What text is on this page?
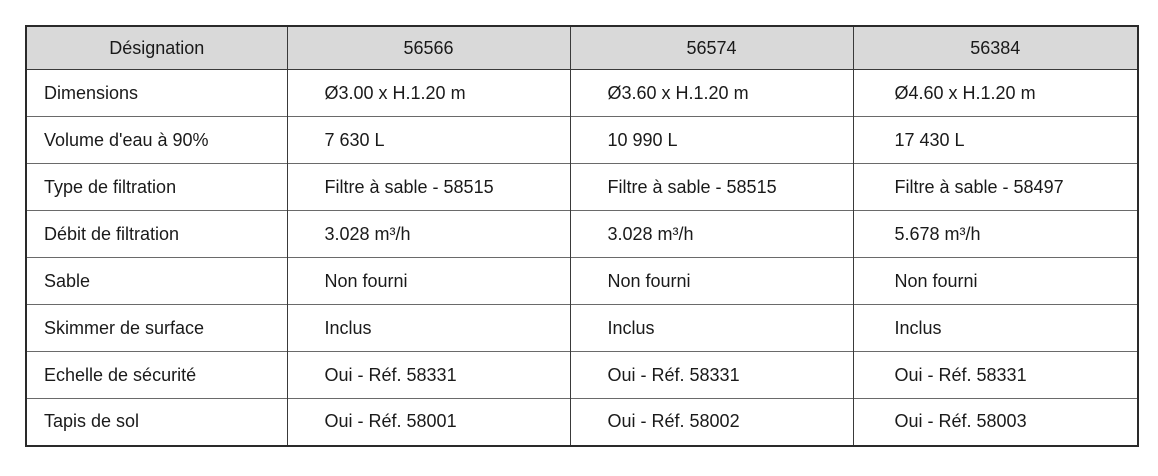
Désignation	56566	56574	56384
Dimensions	Ø3.00 x H.1.20 m	Ø3.60 x H.1.20 m	Ø4.60 x H.1.20 m
Volume d'eau à 90%	7 630 L	10 990 L	17 430 L
Type de filtration	Filtre à sable - 58515	Filtre à sable - 58515	Filtre à sable - 58497
Débit de filtration	3.028 m³/h	3.028 m³/h	5.678 m³/h
Sable	Non fourni	Non fourni	Non fourni
Skimmer de surface	Inclus	Inclus	Inclus
Echelle de sécurité	Oui - Réf. 58331	Oui - Réf. 58331	Oui - Réf. 58331
Tapis de sol	Oui - Réf. 58001	Oui - Réf. 58002	Oui - Réf. 58003
